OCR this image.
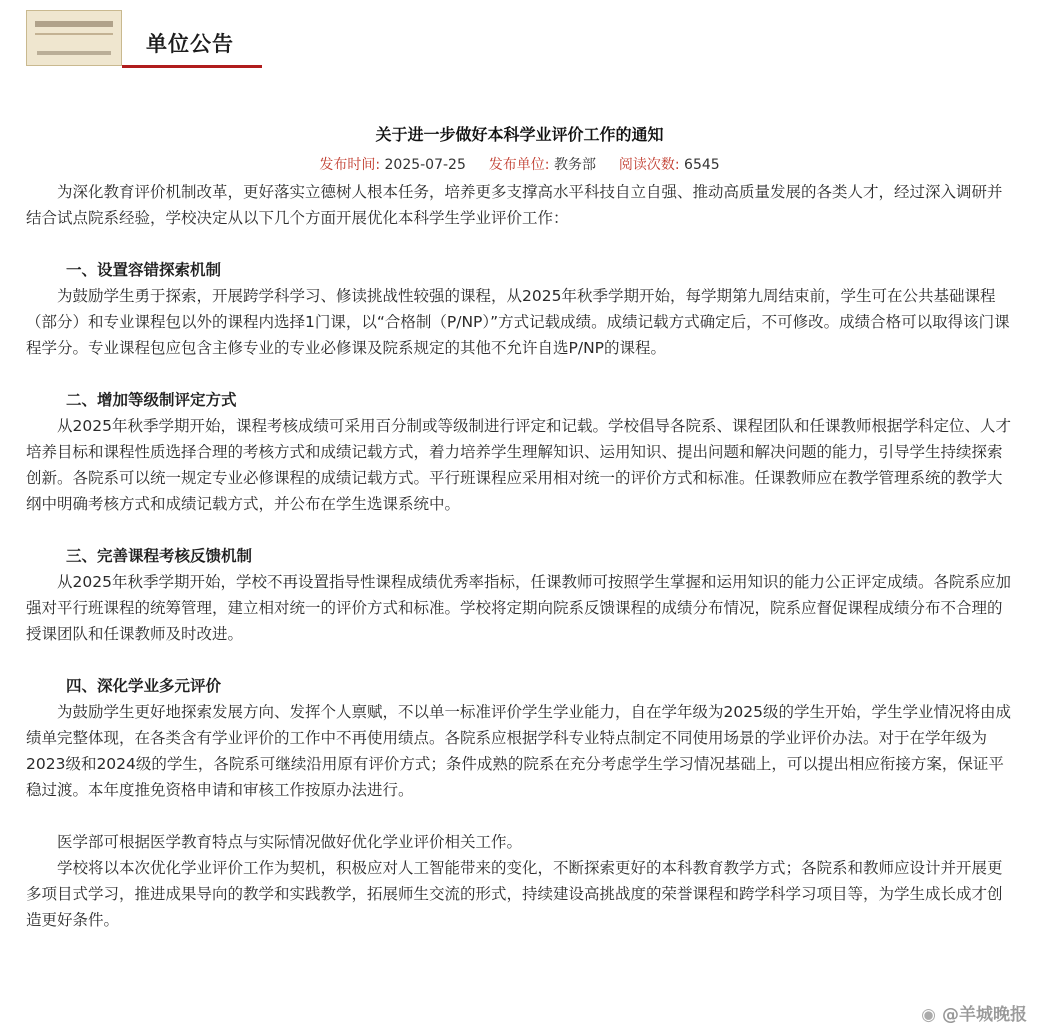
单位公告
关于进一步做好本科学业评价工作的通知
发布时间: 2025-07-25 发布单位: 教务部 阅读次数: 6545

为深化教育评价机制改革，更好落实立德树人根本任务，培养更多支撑高水平科技自立自强、推动高质量发展的各类人才，经过深入调研并结合试点院系经验，学校决定从以下几个方面开展优化本科学生学业评价工作：

一、设置容错探索机制

为鼓励学生勇于探索，开展跨学科学习、修读挑战性较强的课程，从2025年秋季学期开始，每学期第九周结束前，学生可在公共基础课程（部分）和专业课程包以外的课程内选择1门课，以“合格制（P/NP）”方式记载成绩。成绩记载方式确定后，不可修改。成绩合格可以取得该门课程学分。专业课程包应包含主修专业的专业必修课及院系规定的其他不允许自选P/NP的课程。

二、增加等级制评定方式

从2025年秋季学期开始，课程考核成绩可采用百分制或等级制进行评定和记载。学校倡导各院系、课程团队和任课教师根据学科定位、人才培养目标和课程性质选择合理的考核方式和成绩记载方式，着力培养学生理解知识、运用知识、提出问题和解决问题的能力，引导学生持续探索创新。各院系可以统一规定专业必修课程的成绩记载方式。平行班课程应采用相对统一的评价方式和标准。任课教师应在教学管理系统的教学大纲中明确考核方式和成绩记载方式，并公布在学生选课系统中。

三、完善课程考核反馈机制

从2025年秋季学期开始，学校不再设置指导性课程成绩优秀率指标，任课教师可按照学生掌握和运用知识的能力公正评定成绩。各院系应加强对平行班课程的统筹管理，建立相对统一的评价方式和标准。学校将定期向院系反馈课程的成绩分布情况，院系应督促课程成绩分布不合理的授课团队和任课教师及时改进。

四、深化学业多元评价

为鼓励学生更好地探索发展方向、发挥个人禀赋，不以单一标准评价学生学业能力，自在学年级为2025级的学生开始，学生学业情况将由成绩单完整体现，在各类含有学业评价的工作中不再使用绩点。各院系应根据学科专业特点制定不同使用场景的学业评价办法。对于在学年级为2023级和2024级的学生，各院系可继续沿用原有评价方式；条件成熟的院系在充分考虑学生学习情况基础上，可以提出相应衔接方案，保证平稳过渡。本年度推免资格申请和审核工作按原办法进行。

医学部可根据医学教育特点与实际情况做好优化学业评价相关工作。

学校将以本次优化学业评价工作为契机，积极应对人工智能带来的变化，不断探索更好的本科教育教学方式；各院系和教师应设计并开展更多项目式学习，推进成果导向的教学和实践教学，拓展师生交流的形式，持续建设高挑战度的荣誉课程和跨学科学习项目等，为学生成长成才创造更好条件。

◉ @羊城晚报
